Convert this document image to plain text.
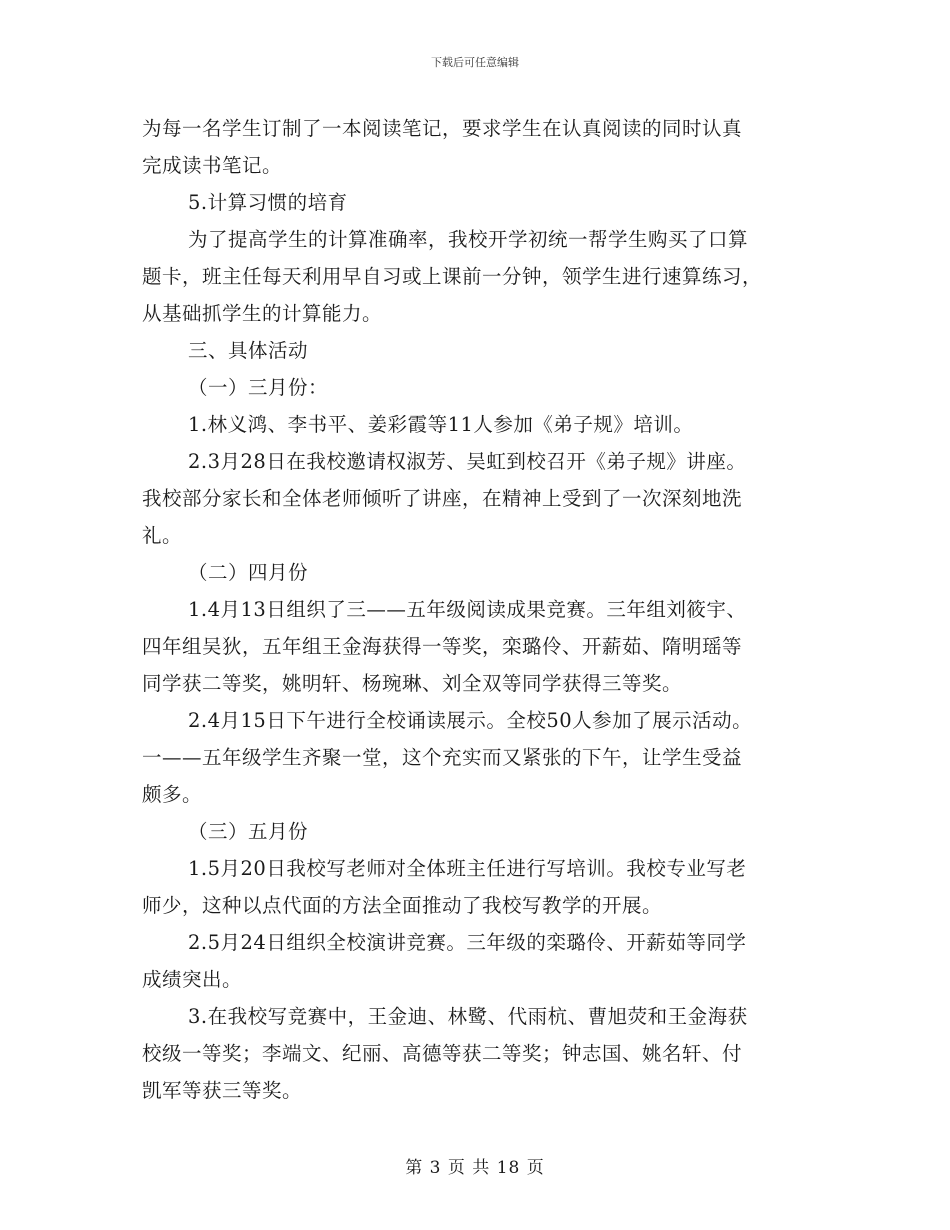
下载后可任意编辑
为每一名学生订制了一本阅读笔记，要求学生在认真阅读的同时认真
完成读书笔记。
5.计算习惯的培育
为了提高学生的计算准确率，我校开学初统一帮学生购买了口算
题卡，班主任每天利用早自习或上课前一分钟，领学生进行速算练习，
从基础抓学生的计算能力。
三、具体活动
（一）三月份：
1.林义鸿、李书平、姜彩霞等11人参加《弟子规》培训。
2.3月28日在我校邀请权淑芳、吴虹到校召开《弟子规》讲座。
我校部分家长和全体老师倾听了讲座，在精神上受到了一次深刻地洗
礼。
（二）四月份
1.4月13日组织了三——五年级阅读成果竞赛。三年组刘筱宇、
四年组吴狄，五年组王金海获得一等奖，栾璐伶、开薪茹、隋明瑶等
同学获二等奖，姚明轩、杨琬琳、刘全双等同学获得三等奖。
2.4月15日下午进行全校诵读展示。全校50人参加了展示活动。
一——五年级学生齐聚一堂，这个充实而又紧张的下午，让学生受益
颇多。
（三）五月份
1.5月20日我校写老师对全体班主任进行写培训。我校专业写老
师少，这种以点代面的方法全面推动了我校写教学的开展。
2.5月24日组织全校演讲竞赛。三年级的栾璐伶、开薪茹等同学
成绩突出。
3.在我校写竞赛中，王金迪、林鹭、代雨杭、曹旭荧和王金海获
校级一等奖；李端文、纪丽、高德等获二等奖；钟志国、姚名轩、付
凯军等获三等奖。
第 3 页 共 18 页
